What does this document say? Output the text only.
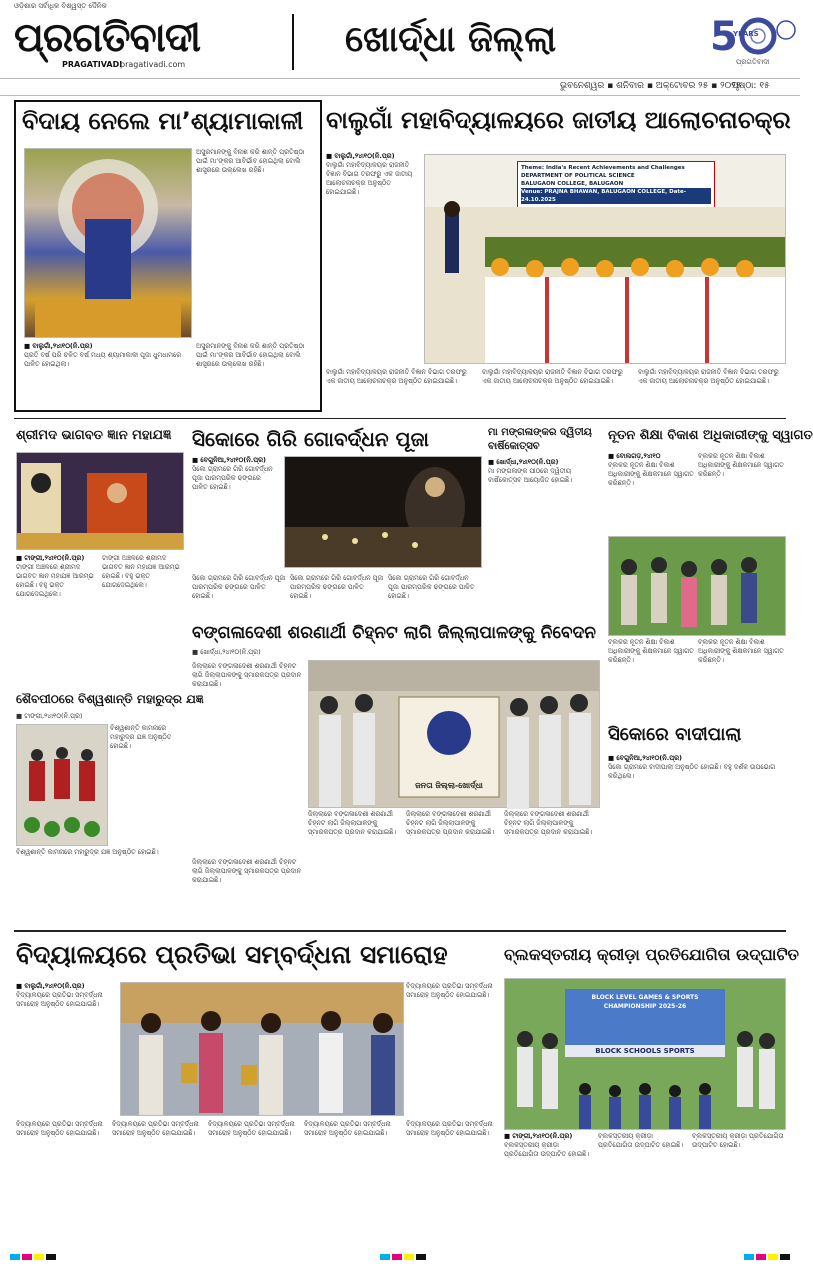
ଓଡ଼ିଶାର ସର୍ବାଧିକ ବିଶ୍ୱସ୍ତ ଦୈନିକ
ପ୍ରଗତିବାଦୀ
PRAGATIVADI
pragativadi.com
ଖୋର୍ଦ୍ଧା ଜିଲ୍ଲା	5
YEARS
ପ୍ରଗତିବାଦୀ
ଭୁବନେଶ୍ୱର ▪ ଶନିବାର ▪ ଅକ୍ଟୋବର ୨୫ ▪ ୨୦୨୫
ପୃଷ୍ଠା: ୧୫
ବିଦାୟ ନେଲେ ମା’ଶ୍ୟାମାକାଳୀ
ଅସୁରମାନଙ୍କୁ ବିନାଶ କରି ଶାନ୍ତି ପ୍ରତିଷ୍ଠା ପାଇଁ ମା’ଙ୍କର ଆବିର୍ଭାବ ହୋଇଥିଲା ବୋଲି ଶାସ୍ତ୍ରରେ ଉଲ୍ଲେଖ ରହିଛି।

■ ବାଲୁଗାଁ,୨୪ା୧୦(ନି.ପ୍ର)

ପ୍ରତି ବର୍ଷ ପରି ଚଳିତ ବର୍ଷ ମଧ୍ୟ ଶ୍ୟାମାକାଳୀ ପୂଜା ଧୁମଧାମରେ ପାଳିତ ହୋଇଥିଲା।

ଅସୁରମାନଙ୍କୁ ବିନାଶ କରି ଶାନ୍ତି ପ୍ରତିଷ୍ଠା ପାଇଁ ମା’ଙ୍କର ଆବିର୍ଭାବ ହୋଇଥିଲା ବୋଲି ଶାସ୍ତ୍ରରେ ଉଲ୍ଲେଖ ରହିଛି।
ବାଲୁଗାଁ ମହାବିଦ୍ୟାଳୟରେ ଜାତୀୟ ଆଲୋଚନାଚକ୍ର

■ ବାଲୁଗାଁ,୨୪ା୧୦(ନି.ପ୍ର)

ବାଲୁଗାଁ ମହାବିଦ୍ୟାଳୟର ରାଜନୀତି ବିଜ୍ଞାନ ବିଭାଗ ତରଫରୁ ଏକ ଜାତୀୟ ଆଲୋଚନାଚକ୍ର ଅନୁଷ୍ଠିତ ହୋଇଯାଇଛି।

Theme: India's Recent Achievements and Challenges
DEPARTMENT OF POLITICAL SCIENCE
BALUGAON COLLEGE, BALUGAON
Venue: PRAJNA BHAWAN, BALUGAON COLLEGE, Date- 24.10.2025
ବାଲୁଗାଁ ମହାବିଦ୍ୟାଳୟର ରାଜନୀତି ବିଜ୍ଞାନ ବିଭାଗ ତରଫରୁ ଏକ ଜାତୀୟ ଆଲୋଚନାଚକ୍ର ଅନୁଷ୍ଠିତ ହୋଇଯାଇଛି।
ବାଲୁଗାଁ ମହାବିଦ୍ୟାଳୟର ରାଜନୀତି ବିଜ୍ଞାନ ବିଭାଗ ତରଫରୁ ଏକ ଜାତୀୟ ଆଲୋଚନାଚକ୍ର ଅନୁଷ୍ଠିତ ହୋଇଯାଇଛି।
ବାଲୁଗାଁ ମହାବିଦ୍ୟାଳୟର ରାଜନୀତି ବିଜ୍ଞାନ ବିଭାଗ ତରଫରୁ ଏକ ଜାତୀୟ ଆଲୋଚନାଚକ୍ର ଅନୁଷ୍ଠିତ ହୋଇଯାଇଛି।
ଶ୍ରୀମଦ ଭାଗବତ ଜ୍ଞାନ ମହାଯଜ୍ଞ

■ ଟାଙ୍ଗୀ,୨୪ା୧୦(ନି.ପ୍ର)

ଟାଙ୍ଗୀ ଅଞ୍ଚଳରେ ଶ୍ରୀମଦ ଭାଗବତ ଜ୍ଞାନ ମହାଯଜ୍ଞ ଆରମ୍ଭ ହୋଇଛି। ବହୁ ଭକ୍ତ ଯୋଗଦେଇଥିଲେ।

ଟାଙ୍ଗୀ ଅଞ୍ଚଳରେ ଶ୍ରୀମଦ ଭାଗବତ ଜ୍ଞାନ ମହାଯଜ୍ଞ ଆରମ୍ଭ ହୋଇଛି। ବହୁ ଭକ୍ତ ଯୋଗଦେଇଥିଲେ।
ସିକୋରେ ଗିରି ଗୋବର୍ଦ୍ଧନ ପୂଜା

■ ବେଗୁନିଆ,୨୪ା୧୦(ନି.ପ୍ର)

ସିକୋ ଗ୍ରାମରେ ଗିରି ଗୋବର୍ଦ୍ଧନ ପୂଜା ପାରମ୍ପରିକ ଢଙ୍ଗରେ ପାଳିତ ହୋଇଛି।

ସିକୋ ଗ୍ରାମରେ ଗିରି ଗୋବର୍ଦ୍ଧନ ପୂଜା ପାରମ୍ପରିକ ଢଙ୍ଗରେ ପାଳିତ ହୋଇଛି।
ସିକୋ ଗ୍ରାମରେ ଗିରି ଗୋବର୍ଦ୍ଧନ ପୂଜା ପାରମ୍ପରିକ ଢଙ୍ଗରେ ପାଳିତ ହୋଇଛି।
ସିକୋ ଗ୍ରାମରେ ଗିରି ଗୋବର୍ଦ୍ଧନ ପୂଜା ପାରମ୍ପରିକ ଢଙ୍ଗରେ ପାଳିତ ହୋଇଛି।
ମା ମଙ୍ଗଳାଙ୍କର ଦ୍ୱିତୀୟ ବାର୍ଷିକୋତ୍ସବ

■ ଖୋର୍ଦ୍ଧା,୨୪ା୧୦(ନି.ପ୍ର)

ମା ମଙ୍ଗଳାଙ୍କ ପୀଠରେ ଦ୍ୱିତୀୟ ବାର୍ଷିକୋତ୍ସବ ଆୟୋଜିତ ହୋଇଛି।

ନୂତନ ଶିକ୍ଷା ବିକାଶ ଅଧିକାରୀଙ୍କୁ ସ୍ୱାଗତ

■ ବୋଲଗଡ଼,୨୪ା୧୦

ବ୍ଲକର ନୂତନ ଶିକ୍ଷା ବିକାଶ ଅଧିକାରୀଙ୍କୁ ଶିକ୍ଷକମାନେ ସ୍ୱାଗତ କରିଛନ୍ତି।

ବ୍ଲକର ନୂତନ ଶିକ୍ଷା ବିକାଶ ଅଧିକାରୀଙ୍କୁ ଶିକ୍ଷକମାନେ ସ୍ୱାଗତ କରିଛନ୍ତି।
ବ୍ଲକର ନୂତନ ଶିକ୍ଷା ବିକାଶ ଅଧିକାରୀଙ୍କୁ ଶିକ୍ଷକମାନେ ସ୍ୱାଗତ କରିଛନ୍ତି।
ବ୍ଲକର ନୂତନ ଶିକ୍ଷା ବିକାଶ ଅଧିକାରୀଙ୍କୁ ଶିକ୍ଷକମାନେ ସ୍ୱାଗତ କରିଛନ୍ତି।
ଶୈବପୀଠରେ ବିଶ୍ୱଶାନ୍ତି ମହାରୁଦ୍ର ଯଜ୍ଞ
■ ଟାଙ୍ଗୀ,୨୪ା୧୦(ନି.ପ୍ର)
ବିଶ୍ୱଶାନ୍ତି କାମନାରେ ମହାରୁଦ୍ର ଯଜ୍ଞ ଅନୁଷ୍ଠିତ ହୋଇଛି।
ବିଶ୍ୱଶାନ୍ତି କାମନାରେ ମହାରୁଦ୍ର ଯଜ୍ଞ ଅନୁଷ୍ଠିତ ହୋଇଛି।
ବଙ୍ଗଳାଦେଶୀ ଶରଣାର୍ଥୀ ଚିହ୍ନଟ ଲାଗି ଜିଲ୍ଲାପାଳଙ୍କୁ ନିବେଦନ
■ ଖୋର୍ଦ୍ଧା,୨୪ା୧୦(ନି.ପ୍ର)
ଜିଲ୍ଲାରେ ବଙ୍ଗଳାଦେଶୀ ଶରଣାର୍ଥୀ ଚିହ୍ନଟ ଲାଗି ଜିଲ୍ଲାପାଳଙ୍କୁ ସ୍ମାରକପତ୍ର ପ୍ରଦାନ କରାଯାଇଛି।
ଜନତା ଜିଲ୍ଲା-ଖୋର୍ଦ୍ଧା
ଜିଲ୍ଲାରେ ବଙ୍ଗଳାଦେଶୀ ଶରଣାର୍ଥୀ ଚିହ୍ନଟ ଲାଗି ଜିଲ୍ଲାପାଳଙ୍କୁ ସ୍ମାରକପତ୍ର ପ୍ରଦାନ କରାଯାଇଛି।
ଜିଲ୍ଲାରେ ବଙ୍ଗଳାଦେଶୀ ଶରଣାର୍ଥୀ ଚିହ୍ନଟ ଲାଗି ଜିଲ୍ଲାପାଳଙ୍କୁ ସ୍ମାରକପତ୍ର ପ୍ରଦାନ କରାଯାଇଛି।
ଜିଲ୍ଲାରେ ବଙ୍ଗଳାଦେଶୀ ଶରଣାର୍ଥୀ ଚିହ୍ନଟ ଲାଗି ଜିଲ୍ଲାପାଳଙ୍କୁ ସ୍ମାରକପତ୍ର ପ୍ରଦାନ କରାଯାଇଛି।
ଜିଲ୍ଲାରେ ବଙ୍ଗଳାଦେଶୀ ଶରଣାର୍ଥୀ ଚିହ୍ନଟ ଲାଗି ଜିଲ୍ଲାପାଳଙ୍କୁ ସ୍ମାରକପତ୍ର ପ୍ରଦାନ କରାଯାଇଛି।
ସିକୋରେ ବାଦୀପାଲା

■ ବେଗୁନିଆ,୨୪ା୧୦(ନି.ପ୍ର)

ସିକୋ ଗ୍ରାମରେ ବାଦୀପାଲା ଅନୁଷ୍ଠିତ ହୋଇଛି। ବହୁ ଦର୍ଶକ ଉପଭୋଗ କରିଥିଲେ।

ବିଦ୍ୟାଳୟରେ ପ୍ରତିଭା ସମ୍ବର୍ଦ୍ଧନା ସମାରୋହ

■ ବାଲୁଗାଁ,୨୪ା୧୦(ନି.ପ୍ର)

ବିଦ୍ୟାଳୟରେ ପ୍ରତିଭା ସମ୍ବର୍ଦ୍ଧନା ସମାରୋହ ଅନୁଷ୍ଠିତ ହୋଇଯାଇଛି।

ବିଦ୍ୟାଳୟରେ ପ୍ରତିଭା ସମ୍ବର୍ଦ୍ଧନା ସମାରୋହ ଅନୁଷ୍ଠିତ ହୋଇଯାଇଛି।
ବିଦ୍ୟାଳୟରେ ପ୍ରତିଭା ସମ୍ବର୍ଦ୍ଧନା ସମାରୋହ ଅନୁଷ୍ଠିତ ହୋଇଯାଇଛି।
ବିଦ୍ୟାଳୟରେ ପ୍ରତିଭା ସମ୍ବର୍ଦ୍ଧନା ସମାରୋହ ଅନୁଷ୍ଠିତ ହୋଇଯାଇଛି।
ବିଦ୍ୟାଳୟରେ ପ୍ରତିଭା ସମ୍ବର୍ଦ୍ଧନା ସମାରୋହ ଅନୁଷ୍ଠିତ ହୋଇଯାଇଛି।
ବିଦ୍ୟାଳୟରେ ପ୍ରତିଭା ସମ୍ବର୍ଦ୍ଧନା ସମାରୋହ ଅନୁଷ୍ଠିତ ହୋଇଯାଇଛି।
ବିଦ୍ୟାଳୟରେ ପ୍ରତିଭା ସମ୍ବର୍ଦ୍ଧନା ସମାରୋହ ଅନୁଷ୍ଠିତ ହୋଇଯାଇଛି।
ବ୍ଲକସ୍ତରୀୟ କ୍ରୀଡ଼ା ପ୍ରତିଯୋଗିତା ଉଦ୍‌ଘାଟିତ
BLOCK LEVEL GAMES & SPORTS CHAMPIONSHIP 2025-26
BLOCK SCHOOLS SPORTS

■ ଟାଙ୍ଗୀ,୨୪ା୧୦(ନି.ପ୍ର)

ବ୍ଲକସ୍ତରୀୟ କ୍ରୀଡ଼ା ପ୍ରତିଯୋଗିତା ଉଦ୍‌ଘାଟିତ ହୋଇଛି।

ବ୍ଲକସ୍ତରୀୟ କ୍ରୀଡ଼ା ପ୍ରତିଯୋଗିତା ଉଦ୍‌ଘାଟିତ ହୋଇଛି।
ବ୍ଲକସ୍ତରୀୟ କ୍ରୀଡ଼ା ପ୍ରତିଯୋଗିତା ଉଦ୍‌ଘାଟିତ ହୋଇଛି।
